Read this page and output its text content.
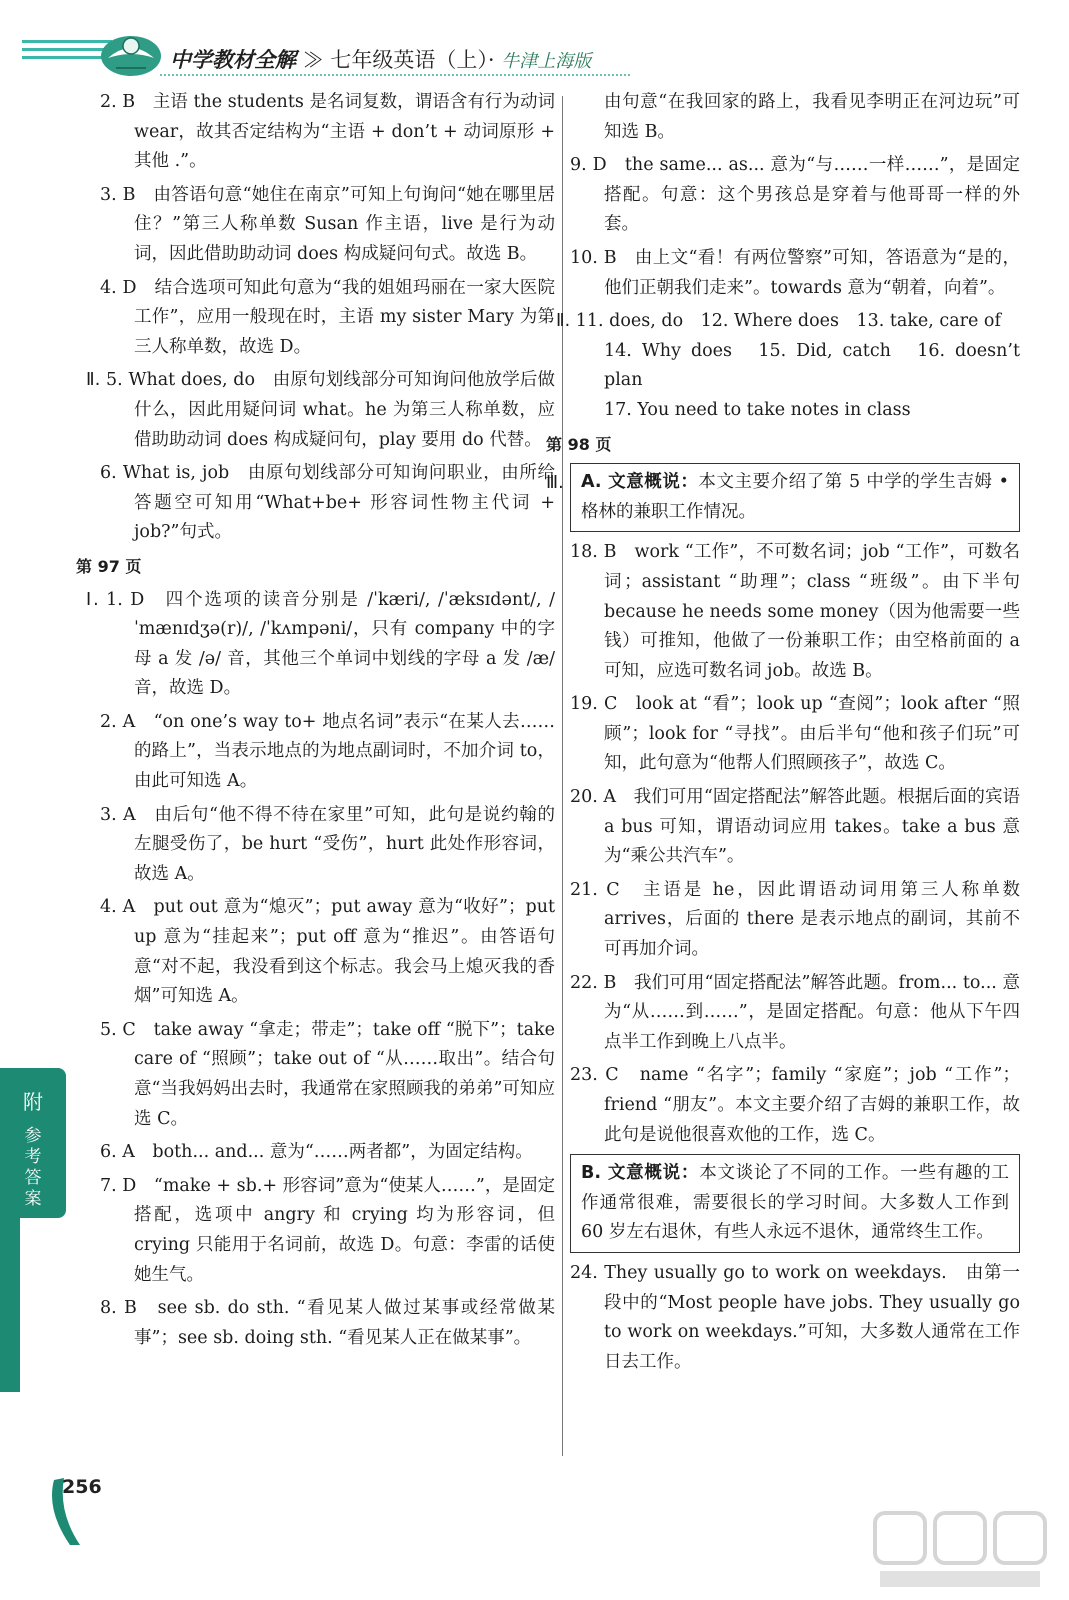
中学教材全解 ≫ 七年级英语（上）· 牛津上海版
2. B　主语 the students 是名词复数，谓语含有行为动词 wear，故其否定结构为“主语 + don’t + 动词原形 + 其他 .”。
3. B　由答语句意“她住在南京”可知上句询问“她在哪里居住？”第三人称单数 Susan 作主语，live 是行为动词，因此借助助动词 does 构成疑问句式。故选 B。
4. D　结合选项可知此句意为“我的姐姐玛丽在一家大医院工作”，应用一般现在时，主语 my sister Mary 为第三人称单数，故选 D。
Ⅱ. 5. What does, do　由原句划线部分可知询问他放学后做什么，因此用疑问词 what。he 为第三人称单数，应借助助动词 does 构成疑问句，play 要用 do 代替。
6. What is, job　由原句划线部分可知询问职业，由所给答题空可知用“What+be+ 形容词性物主代词 + job?”句式。
第 97 页
Ⅰ. 1. D　四个选项的读音分别是 /ˈkæri/, /ˈæksɪdənt/, /ˈmænɪdʒə(r)/, /ˈkʌmpəni/，只有 company 中的字母 a 发 /ə/ 音，其他三个单词中划线的字母 a 发 /æ/ 音，故选 D。
2. A　“on one’s way to+ 地点名词”表示“在某人去……的路上”，当表示地点的为地点副词时，不加介词 to，由此可知选 A。
3. A　由后句“他不得不待在家里”可知，此句是说约翰的左腿受伤了，be hurt “受伤”，hurt 此处作形容词，故选 A。
4. A　put out 意为“熄灭”；put away 意为“收好”；put up 意为“挂起来”；put off 意为“推迟”。由答语句意“对不起，我没看到这个标志。我会马上熄灭我的香烟”可知选 A。
5. C　take away “拿走；带走”；take off “脱下”；take care of “照顾”；take out of “从……取出”。结合句意“当我妈妈出去时，我通常在家照顾我的弟弟”可知应选 C。
6. A　both... and... 意为“……两者都”，为固定结构。
7. D　“make + sb.+ 形容词”意为“使某人……”，是固定搭配，选项中 angry 和 crying 均为形容词，但 crying 只能用于名词前，故选 D。句意：李雷的话使她生气。
8. B　see sb. do sth. “看见某人做过某事或经常做某事”；see sb. doing sth. “看见某人正在做某事”。
由句意“在我回家的路上，我看见李明正在河边玩”可知选 B。
9. D　the same... as... 意为“与……一样……”，是固定搭配。句意：这个男孩总是穿着与他哥哥一样的外套。
10. B　由上文“看！有两位警察”可知，答语意为“是的，他们正朝我们走来”。towards 意为“朝着，向着”。
Ⅱ. 11. does, do　12. Where does　13. take, care of
14. Why does　15. Did, catch　16. doesn’t plan
17. You need to take notes in class
第 98 页
Ⅲ. A. 文意概说：本文主要介绍了第 5 中学的学生吉姆 • 格林的兼职工作情况。
18. B　work “工作”，不可数名词；job “工作”，可数名词；assistant “助理”；class “班级”。由下半句 because he needs some money（因为他需要一些钱）可推知，他做了一份兼职工作；由空格前面的 a 可知，应选可数名词 job。故选 B。
19. C　look at “看”；look up “查阅”；look after “照顾”；look for “寻找”。由后半句“他和孩子们玩”可知，此句意为“他帮人们照顾孩子”，故选 C。
20. A　我们可用“固定搭配法”解答此题。根据后面的宾语 a bus 可知，谓语动词应用 takes。take a bus 意为“乘公共汽车”。
21. C　主语是 he，因此谓语动词用第三人称单数 arrives，后面的 there 是表示地点的副词，其前不可再加介词。
22. B　我们可用“固定搭配法”解答此题。from... to... 意为“从……到……”，是固定搭配。句意：他从下午四点半工作到晚上八点半。
23. C　name “名字”；family “家庭”；job “工作”；friend “朋友”。本文主要介绍了吉姆的兼职工作，故此句是说他很喜欢他的工作，选 C。
B. 文意概说：本文谈论了不同的工作。一些有趣的工作通常很难，需要很长的学习时间。大多数人工作到 60 岁左右退休，有些人永远不退休，通常终生工作。
24. They usually go to work on weekdays.　由第一段中的“Most people have jobs. They usually go to work on weekdays.”可知，大多数人通常在工作日去工作。
附
参
考
答
案
256
